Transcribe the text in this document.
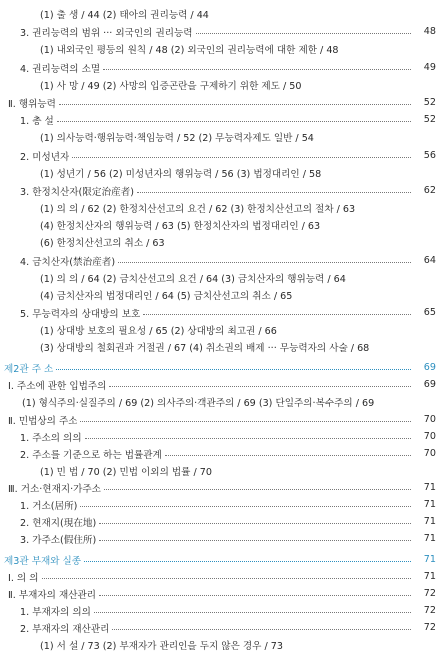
(1) 출 생 / 44 (2) 태아의 권리능력 / 44
3. 권리능력의 범위 ··· 외국인의 권리능력	48
(1) 내외국인 평등의 원칙 / 48 (2) 외국인의 권리능력에 대한 제한 / 48
4. 권리능력의 소멸	49
(1) 사 망 / 49 (2) 사망의 입증곤란을 구제하기 위한 제도 / 50
Ⅱ. 행위능력	52
1. 총 설	52
(1) 의사능력·행위능력·책임능력 / 52 (2) 무능력자제도 일반 / 54
2. 미성년자	56
(1) 성년기 / 56 (2) 미성년자의 행위능력 / 56 (3) 법정대리인 / 58
3. 한정치산자(限定治産者)	62
(1) 의 의 / 62 (2) 한정치산선고의 요건 / 62 (3) 한정치산선고의 절차 / 63
(4) 한정치산자의 행위능력 / 63 (5) 한정치산자의 법정대리인 / 63
(6) 한정치산선고의 취소 / 63
4. 금치산자(禁治産者)	64
(1) 의 의 / 64 (2) 금치산선고의 요건 / 64 (3) 금치산자의 행위능력 / 64
(4) 금치산자의 법정대리인 / 64 (5) 금치산선고의 취소 / 65
5. 무능력자의 상대방의 보호	65
(1) 상대방 보호의 필요성 / 65 (2) 상대방의 최고권 / 66
(3) 상대방의 철회권과 거절권 / 67 (4) 취소권의 배제 ··· 무능력자의 사술 / 68
제2관 주 소	69
Ⅰ. 주소에 관한 입법주의	69
(1) 형식주의·실질주의 / 69 (2) 의사주의·객관주의 / 69 (3) 단일주의·복수주의 / 69
Ⅱ. 민법상의 주소	70
1. 주소의 의의	70
2. 주소를 기준으로 하는 법률관계	70
(1) 민 법 / 70 (2) 민법 이외의 법률 / 70
Ⅲ. 거소·현재지·가주소	71
1. 거소(居所)	71
2. 현재지(現在地)	71
3. 가주소(假住所)	71
제3관 부재와 실종	71
Ⅰ. 의 의	71
Ⅱ. 부재자의 재산관리	72
1. 부재자의 의의	72
2. 부재자의 재산관리	72
(1) 서 설 / 73 (2) 부재자가 관리인을 두지 않은 경우 / 73
